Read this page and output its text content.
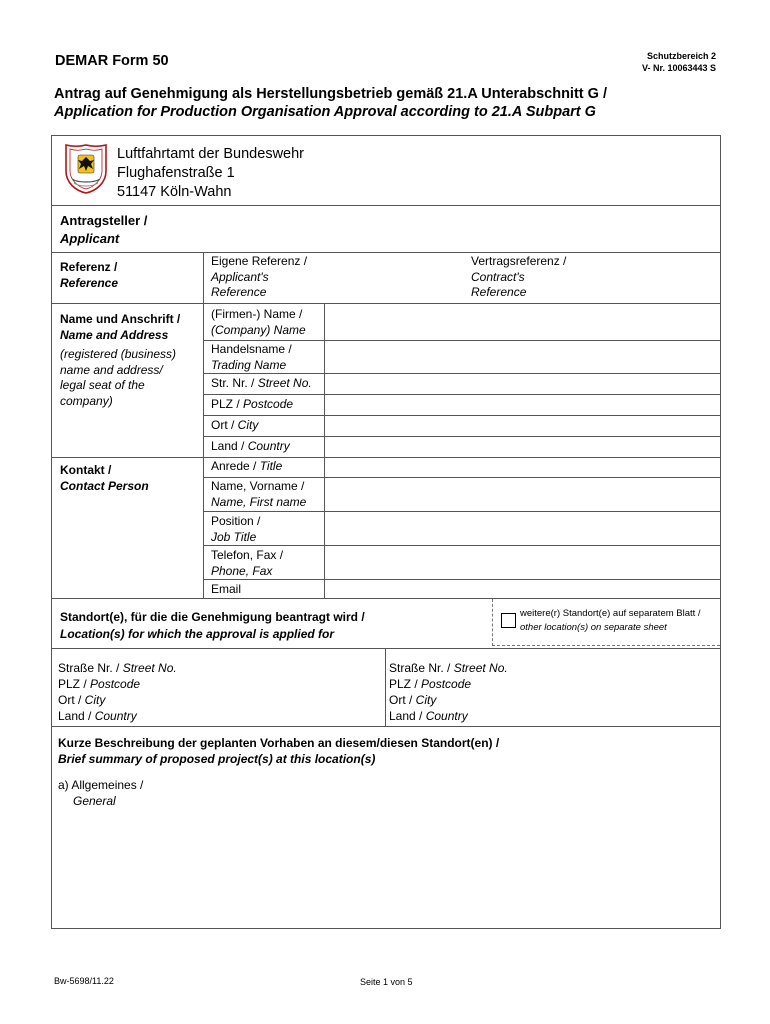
DEMAR Form 50	Schutzbereich 2
V- Nr. 10063443 S
Antrag auf Genehmigung als Herstellungsbetrieb gemäß 21.A Unterabschnitt G /
Application for Production Organisation Approval according to 21.A Subpart G
Luftfahrtamt der Bundeswehr
Flughafenstraße 1
51147 Köln-Wahn
Antragsteller /
Applicant
Referenz /
Reference
Eigene Referenz /
Applicant's
Reference
Vertragsreferenz /
Contract's
Reference
Name und Anschrift /
Name and Address
(registered (business)
name and address/
legal seat of the
company)
(Firmen-) Name /
(Company) Name
Handelsname /
Trading Name
Str. Nr. / Street No.
PLZ / Postcode
Ort / City
Land / Country
Kontakt /
Contact Person
Anrede / Title
Name, Vorname /
Name, First name
Position /
Job Title
Telefon, Fax /
Phone, Fax
Email
Standort(e), für die die Genehmigung beantragt wird /
Location(s) for which the approval is applied for
weitere(r) Standort(e) auf separatem Blatt /
other location(s) on separate sheet
Straße Nr. / Street No.
PLZ / Postcode
Ort / City
Land / Country
Straße Nr. / Street No.
PLZ / Postcode
Ort / City
Land / Country
Kurze Beschreibung der geplanten Vorhaben an diesem/diesen Standort(en) /
Brief summary of proposed project(s) at this location(s)
a) Allgemeines /
General
Bw-5698/11.22	Seite 1 von 5
